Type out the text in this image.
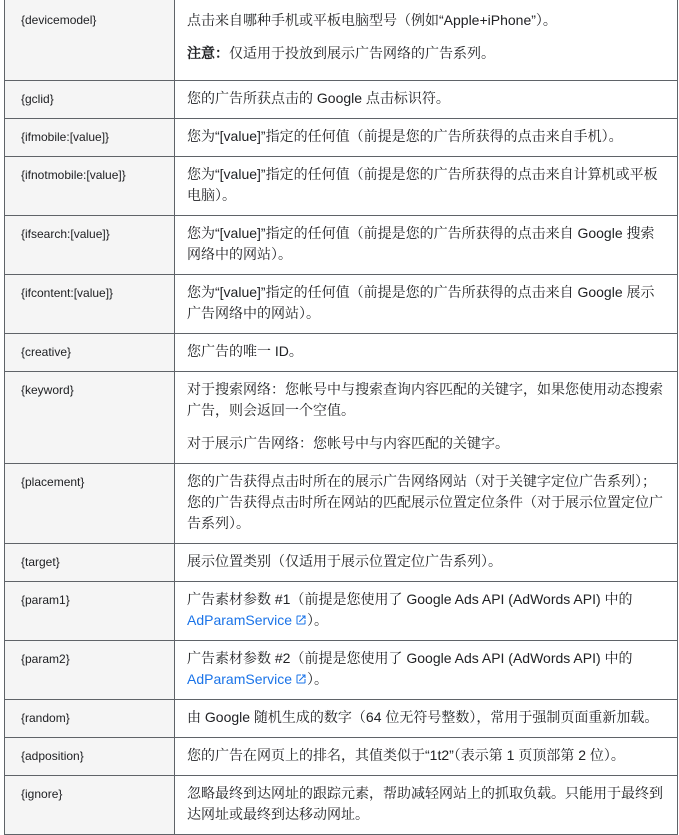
{devicemodel}	点击来自哪种手机或平板电脑型号（例如“Apple+iPhone”）。

注意：仅适用于投放到展示广告网络的广告系列。

{gclid}	您的广告所获点击的 Google 点击标识符。

{ifmobile:[value]}	您为“[value]”指定的任何值（前提是您的广告所获得的点击来自手机）。

{ifnotmobile:[value]}	您为“[value]”指定的任何值（前提是您的广告所获得的点击来自计算机或平板电脑）。

{ifsearch:[value]}	您为“[value]”指定的任何值（前提是您的广告所获得的点击来自 Google 搜索网络中的网站）。

{ifcontent:[value]}	您为“[value]”指定的任何值（前提是您的广告所获得的点击来自 Google 展示广告网络中的网站）。

{creative}	您广告的唯一 ID。

{keyword}	对于搜索网络：您帐号中与搜索查询内容匹配的关键字，如果您使用动态搜索广告，则会返回一个空值。

对于展示广告网络：您帐号中与内容匹配的关键字。

{placement}	您的广告获得点击时所在的展示广告网络网站（对于关键字定位广告系列）；您的广告获得点击时所在网站的匹配展示位置定位条件（对于展示位置定位广告系列）。

{target}	展示位置类别（仅适用于展示位置定位广告系列）。

{param1}	广告素材参数 #1（前提是您使用了 Google Ads API (AdWords API) 中的 AdParamService ）。

{param2}	广告素材参数 #2（前提是您使用了 Google Ads API (AdWords API) 中的 AdParamService ）。

{random}	由 Google 随机生成的数字（64 位无符号整数），常用于强制页面重新加载。

{adposition}	您的广告在网页上的排名，其值类似于“1t2”（表示第 1 页顶部第 2 位）。

{ignore}	忽略最终到达网址的跟踪元素，帮助减轻网站上的抓取负载。只能用于最终到达网址或最终到达移动网址。
